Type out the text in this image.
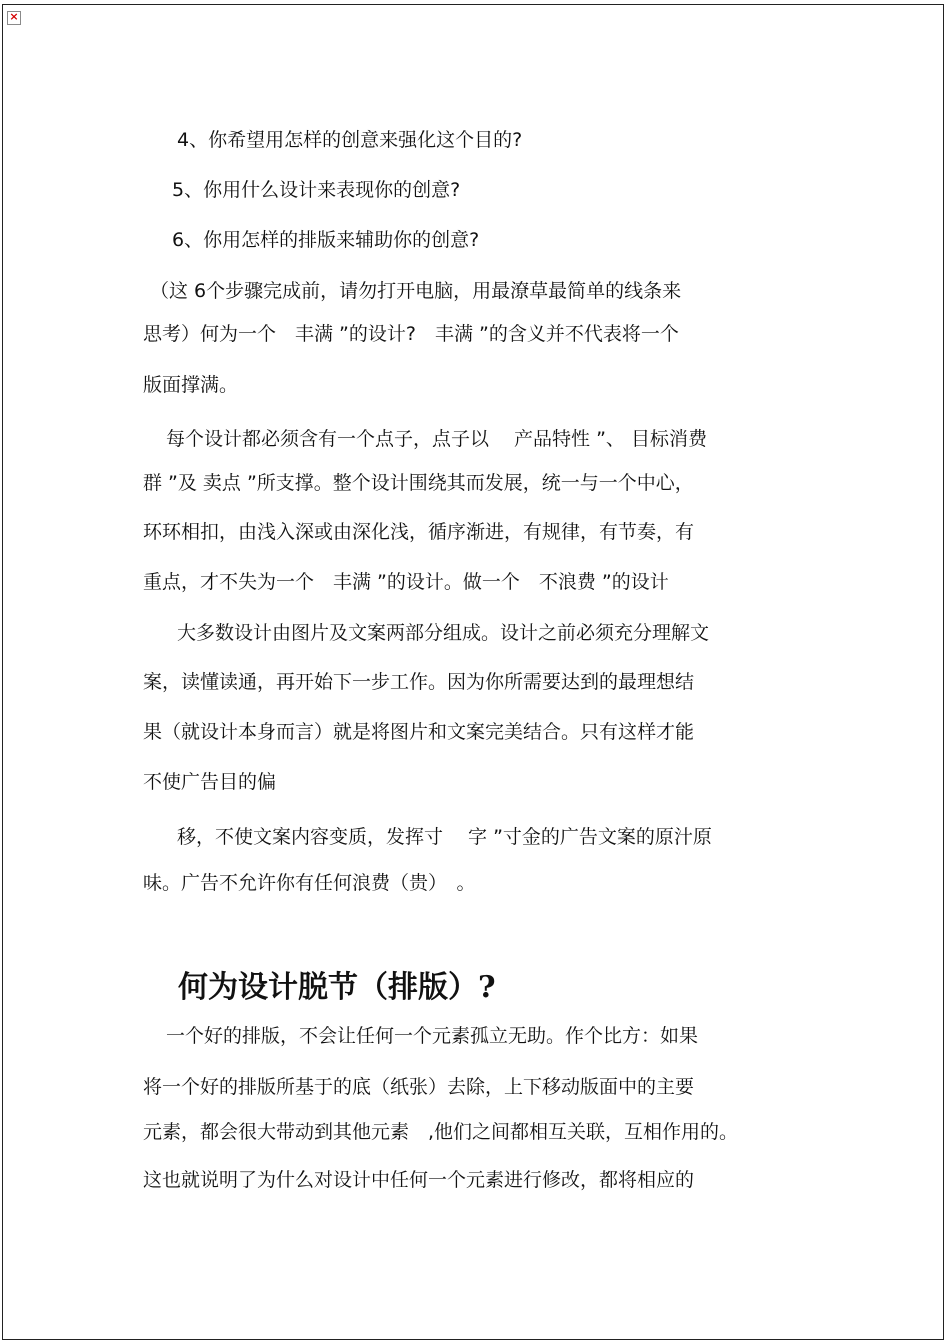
×

4、你希望用怎样的创意来强化这个目的?

5、你用什么设计来表现你的创意?

6、你用怎样的排版来辅助你的创意?

（这 6个步骤完成前，请勿打开电脑，用最潦草最简单的线条来

思考）何为一个　丰满 ”的设计?　丰满 ”的含义并不代表将一个

版面撑满。

每个设计都必须含有一个点子，点子以　 产品特性 ”、 目标消费

群 ”及 卖点 ”所支撑。整个设计围绕其而发展，统一与一个中心，

环环相扣，由浅入深或由深化浅，循序渐进，有规律，有节奏，有

重点，才不失为一个　丰满 ”的设计。做一个　不浪费 ”的设计

大多数设计由图片及文案两部分组成。设计之前必须充分理解文

案，读懂读通，再开始下一步工作。因为你所需要达到的最理想结

果（就设计本身而言）就是将图片和文案完美结合。只有这样才能

不使广告目的偏

移，不使文案内容变质，发挥寸　 字 ”寸金的广告文案的原汁原

味。广告不允许你有任何浪费（贵）　。

何为设计脱节（排版）?

一个好的排版，不会让任何一个元素孤立无助。作个比方：如果

将一个好的排版所基于的底（纸张）去除，上下移动版面中的主要

元素，都会很大带动到其他元素　,他们之间都相互关联，互相作用的。

这也就说明了为什么对设计中任何一个元素进行修改，都将相应的
